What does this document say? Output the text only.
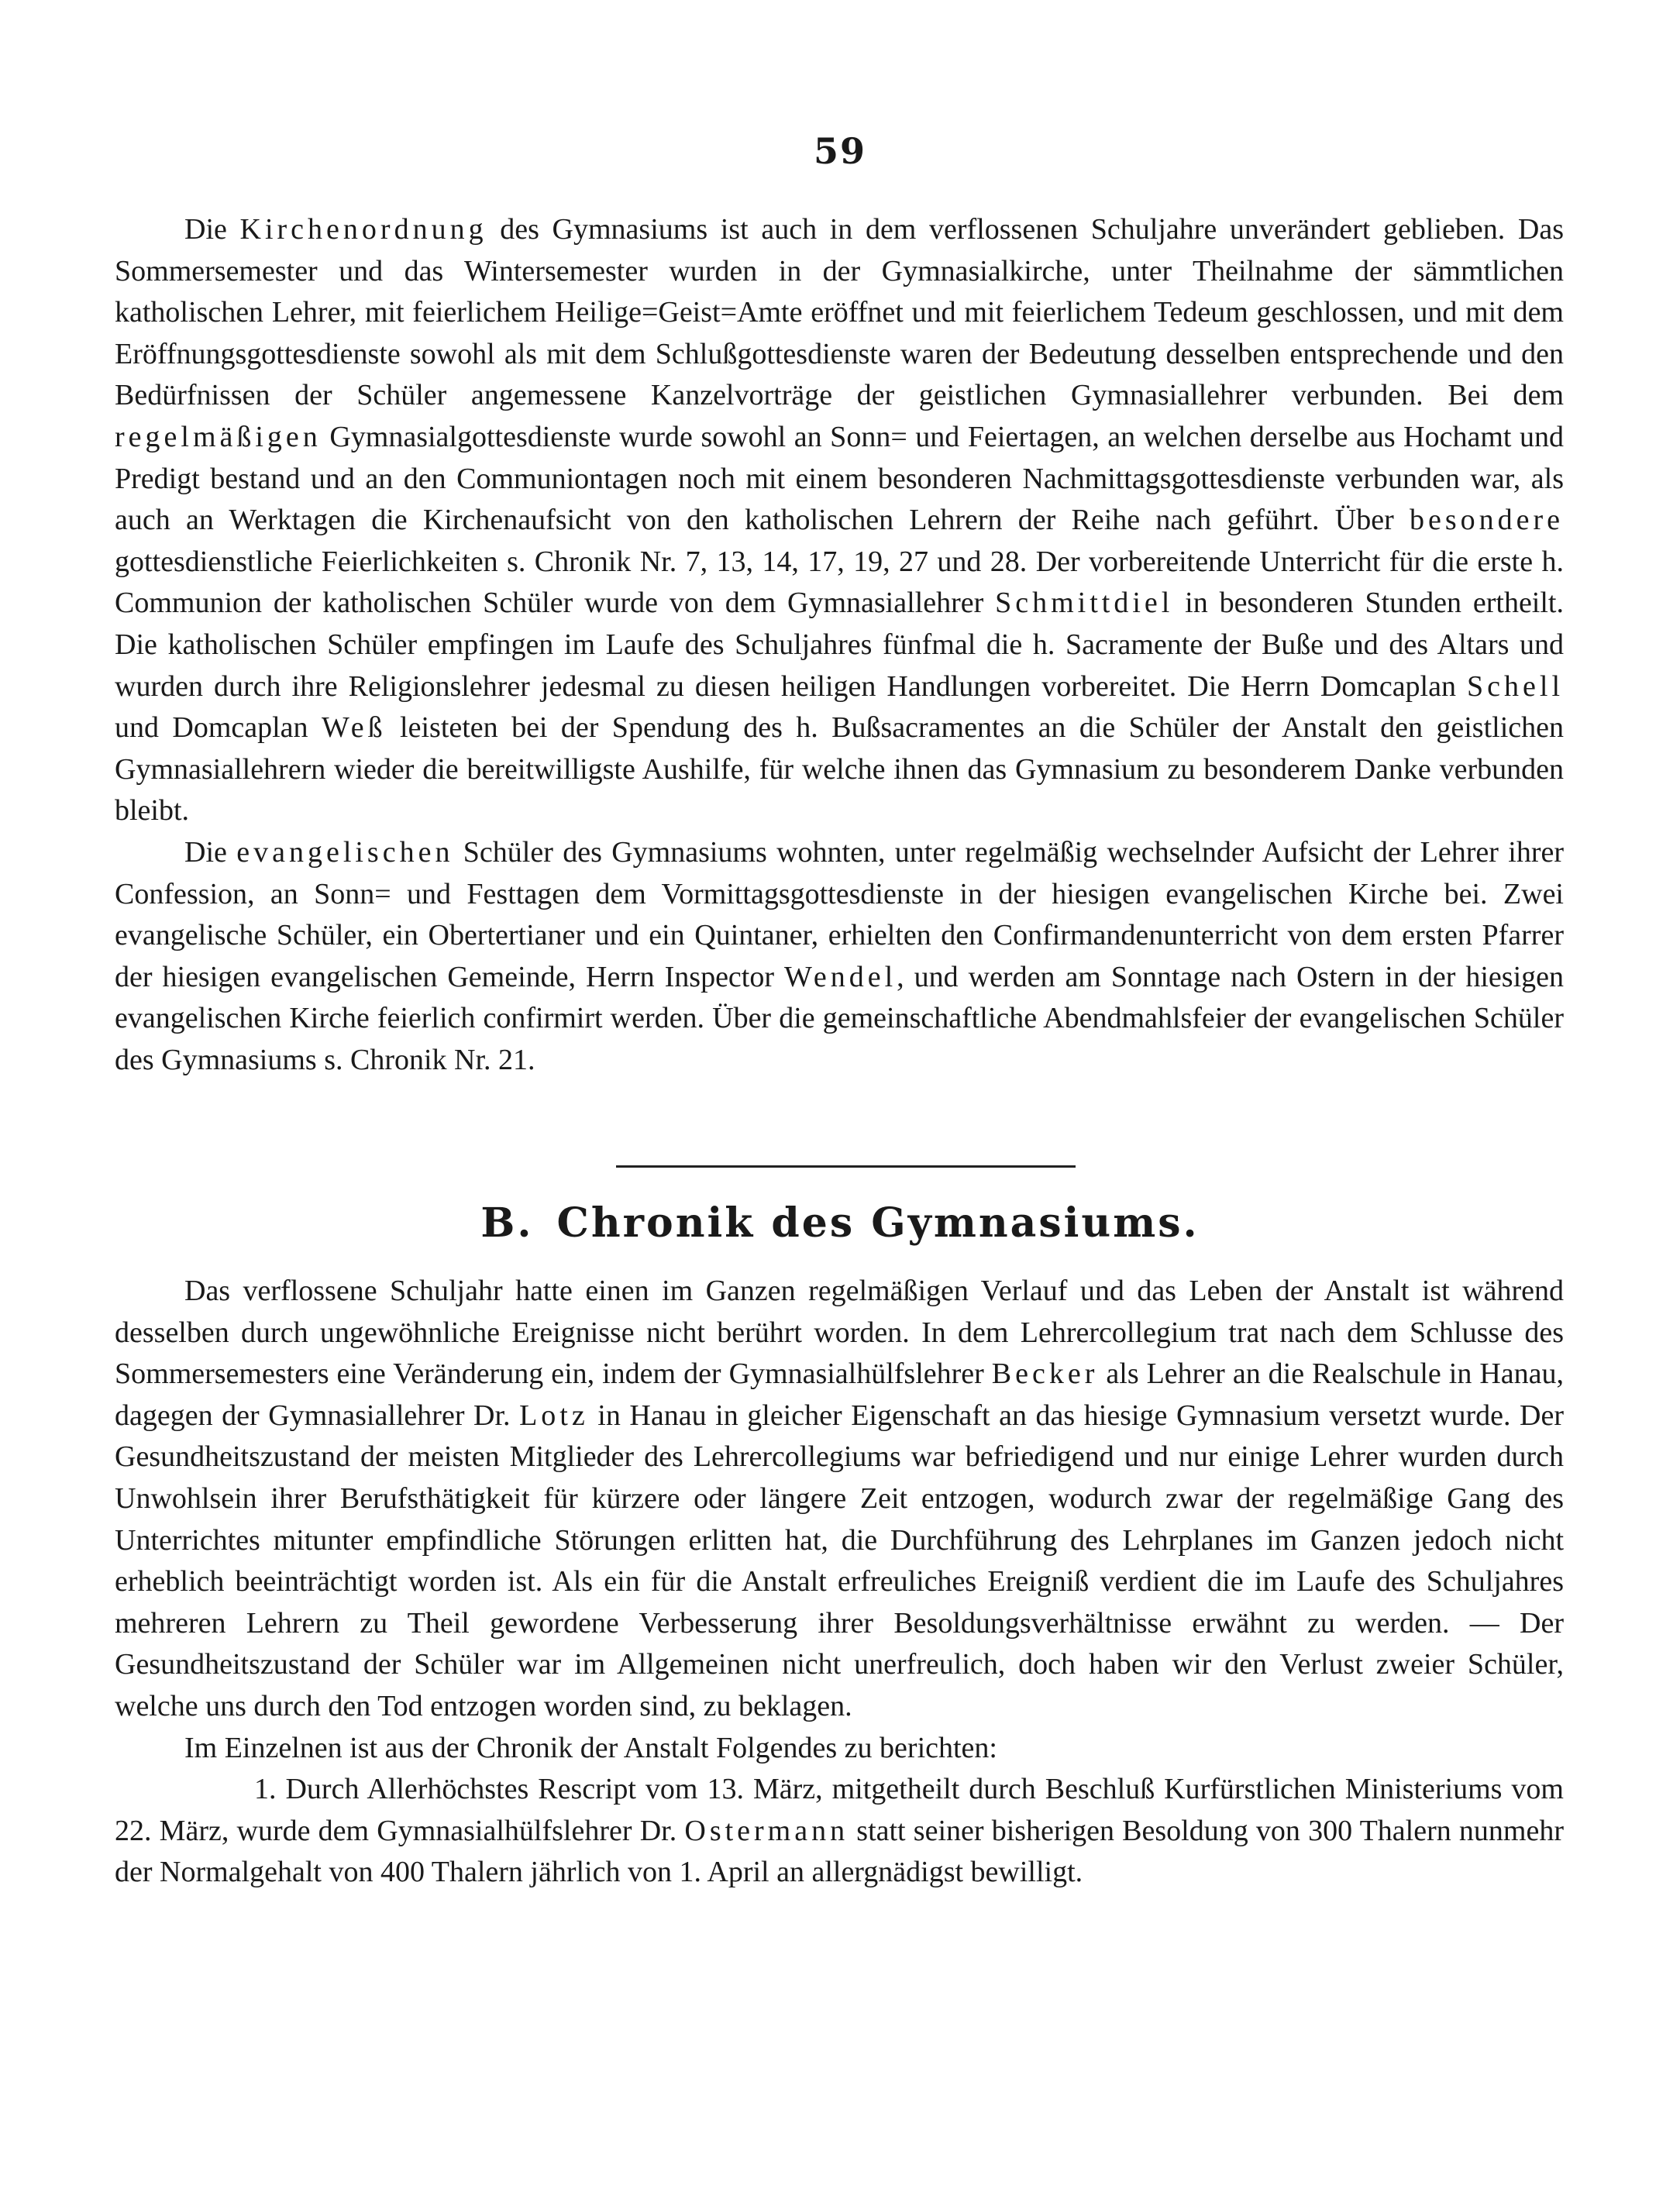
59

Die Kirchenordnung des Gymnasiums ist auch in dem verflossenen Schuljahre unverändert geblieben. Das Sommersemester und das Wintersemester wurden in der Gymnasialkirche, unter Theilnahme der sämmtlichen katholischen Lehrer, mit feierlichem Heilige=Geist=Amte eröffnet und mit feierlichem Tedeum geschlossen, und mit dem Eröffnungsgottesdienste sowohl als mit dem Schlußgottesdienste waren der Bedeutung desselben entsprechende und den Bedürfnissen der Schüler angemessene Kanzelvorträge der geistlichen Gymnasiallehrer verbunden. Bei dem regelmäßigen Gymnasialgottesdienste wurde sowohl an Sonn= und Feiertagen, an welchen derselbe aus Hochamt und Predigt bestand und an den Communiontagen noch mit einem besonderen Nachmittagsgottesdienste verbunden war, als auch an Werktagen die Kirchenaufsicht von den katholischen Lehrern der Reihe nach geführt. Über besondere gottesdienstliche Feierlichkeiten s. Chronik Nr. 7, 13, 14, 17, 19, 27 und 28. Der vorbereitende Unterricht für die erste h. Communion der katholischen Schüler wurde von dem Gymnasiallehrer Schmittdiel in besonderen Stunden ertheilt. Die katholischen Schüler empfingen im Laufe des Schuljahres fünfmal die h. Sacramente der Buße und des Altars und wurden durch ihre Religionslehrer jedesmal zu diesen heiligen Handlungen vorbereitet. Die Herrn Domcaplan Schell und Domcaplan Weß leisteten bei der Spendung des h. Bußsacramentes an die Schüler der Anstalt den geistlichen Gymnasiallehrern wieder die bereitwilligste Aushilfe, für welche ihnen das Gymnasium zu besonderem Danke verbunden bleibt.

Die evangelischen Schüler des Gymnasiums wohnten, unter regelmäßig wechselnder Aufsicht der Lehrer ihrer Confession, an Sonn= und Festtagen dem Vormittagsgottesdienste in der hiesigen evangelischen Kirche bei. Zwei evangelische Schüler, ein Obertertianer und ein Quintaner, erhielten den Confirmandenunterricht von dem ersten Pfarrer der hiesigen evangelischen Gemeinde, Herrn Inspector Wendel, und werden am Sonntage nach Ostern in der hiesigen evangelischen Kirche feierlich confirmirt werden. Über die gemeinschaftliche Abendmahlsfeier der evangelischen Schüler des Gymnasiums s. Chronik Nr. 21.

B. Chronik des Gymnasiums.

Das verflossene Schuljahr hatte einen im Ganzen regelmäßigen Verlauf und das Leben der Anstalt ist während desselben durch ungewöhnliche Ereignisse nicht berührt worden. In dem Lehrercollegium trat nach dem Schlusse des Sommersemesters eine Veränderung ein, indem der Gymnasialhülfslehrer Becker als Lehrer an die Realschule in Hanau, dagegen der Gymnasiallehrer Dr. Lotz in Hanau in gleicher Eigenschaft an das hiesige Gymnasium versetzt wurde. Der Gesundheitszustand der meisten Mitglieder des Lehrercollegiums war befriedigend und nur einige Lehrer wurden durch Unwohlsein ihrer Berufsthätigkeit für kürzere oder längere Zeit entzogen, wodurch zwar der regelmäßige Gang des Unterrichtes mitunter empfindliche Störungen erlitten hat, die Durchführung des Lehrplanes im Ganzen jedoch nicht erheblich beeinträchtigt worden ist. Als ein für die Anstalt erfreuliches Ereigniß verdient die im Laufe des Schuljahres mehreren Lehrern zu Theil gewordene Verbesserung ihrer Besoldungsverhältnisse erwähnt zu werden. — Der Gesundheitszustand der Schüler war im Allgemeinen nicht unerfreulich, doch haben wir den Verlust zweier Schüler, welche uns durch den Tod entzogen worden sind, zu beklagen.

Im Einzelnen ist aus der Chronik der Anstalt Folgendes zu berichten:

1. Durch Allerhöchstes Rescript vom 13. März, mitgetheilt durch Beschluß Kurfürstlichen Ministeriums vom 22. März, wurde dem Gymnasialhülfslehrer Dr. Ostermann statt seiner bisherigen Besoldung von 300 Thalern nunmehr der Normalgehalt von 400 Thalern jährlich von 1. April an allergnädigst bewilligt.
